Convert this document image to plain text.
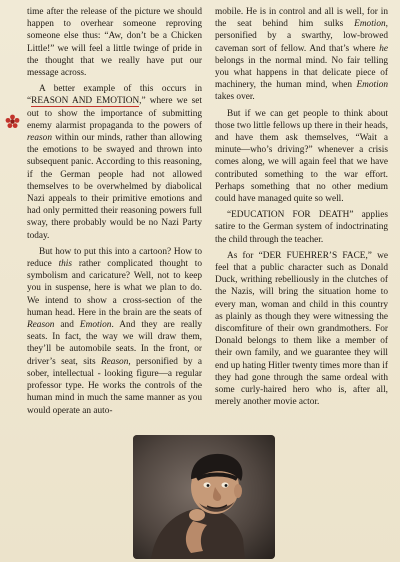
time after the release of the picture we should happen to overhear someone reproving someone else thus: “Aw, don’t be a Chicken Little!” we will feel a little twinge of pride in the thought that we really have put our message across.

A better example of this occurs in “REASON AND EMOTION,” where we set out to show the importance of submitting enemy alarmist propaganda to the powers of reason within our minds, rather than allowing the emotions to be swayed and thrown into subsequent panic. According to this reasoning, if the German people had not allowed themselves to be overwhelmed by diabolical Nazi appeals to their primitive emotions and had only permitted their reasoning powers full sway, there probably would be no Nazi Party today.

But how to put this into a cartoon? How to reduce this rather complicated thought to symbolism and caricature? Well, not to keep you in suspense, here is what we plan to do. We intend to show a cross-section of the human head. Here in the brain are the seats of Reason and Emotion. And they are really seats. In fact, the way we will draw them, they’ll be automobile seats. In the front, or driver’s seat, sits Reason, personified by a sober, intellectual - looking figure—a regular professor type. He works the controls of the human mind in much the same manner as you would operate an auto-

mobile. He is in control and all is well, for in the seat behind him sulks Emotion, personified by a swarthy, low-browed caveman sort of fellow. And that’s where he belongs in the normal mind. No fair telling you what happens in that delicate piece of machinery, the human mind, when Emotion takes over.

But if we can get people to think about those two little fellows up there in their heads, and have them ask themselves, “Wait a minute—who’s driving?” whenever a crisis comes along, we will again feel that we have contributed something to the war effort. Perhaps something that no other medium could have managed quite so well.

“EDUCATION FOR DEATH” applies satire to the German system of indoctrinating the child through the teacher.

As for “DER FUEHRER’S FACE,” we feel that a public character such as Donald Duck, writhing rebelliously in the clutches of the Nazis, will bring the situation home to every man, woman and child in this country as plainly as though they were witnessing the discomfiture of their own grandmothers. For Donald belongs to them like a member of their own family, and we guarantee they will end up hating Hitler twenty times more than if they had gone through the same ordeal with some curly-haired hero who is, after all, merely another movie actor.
